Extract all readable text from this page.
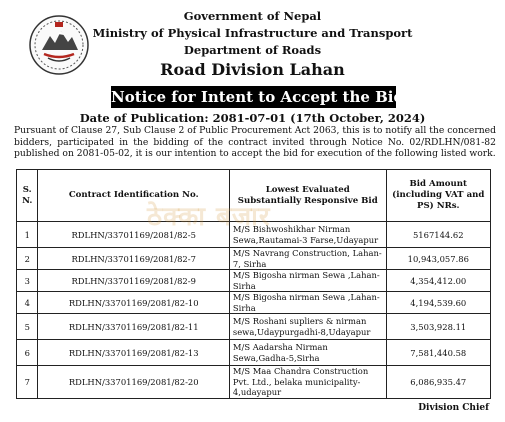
Government of Nepal
Ministry of Physical Infrastructure and Transport
Department of Roads
Road Division Lahan
Notice for Intent to Accept the Bid
Date of Publication: 2081-07-01 (17th October, 2024)
Pursuant of Clause 27, Sub Clause 2 of Public Procurement Act 2063, this is to notify all the concerned bidders, participated in the bidding of the contract invited through Notice No. 02/RDLHN/081-82 published on 2081-05-02, it is our intention to accept the bid for execution of the following listed work.
S. N.	Contract Identification No.	Lowest Evaluated Substantially Responsive Bid	Bid Amount (including VAT and PS) NRs.
1	RDLHN/33701169/2081/82-5	M/S Bishwoshikhar Nirman Sewa,Rautamai-3 Farse,Udayapur	5167144.62
2	RDLHN/33701169/2081/82-7	M/S Navrang Construction, Lahan-7, Sirha	10,943,057.86
3	RDLHN/33701169/2081/82-9	M/S Bigosha nirman Sewa ,Lahan-Sirha	4,354,412.00
4	RDLHN/33701169/2081/82-10	M/S Bigosha nirman Sewa ,Lahan-Sirha	4,194,539.60
5	RDLHN/33701169/2081/82-11	M/S Roshani supliers & nirman sewa,Udaypurgadhi-8,Udayapur	3,503,928.11
6	RDLHN/33701169/2081/82-13	M/S Aadarsha Nirman Sewa,Gadha-5,Sirha	7,581,440.58
7	RDLHN/33701169/2081/82-20	M/S Maa Chandra Construction Pvt. Ltd., belaka municipality-4,udayapur	6,086,935.47
ठेक्का बजार
Division Chief
